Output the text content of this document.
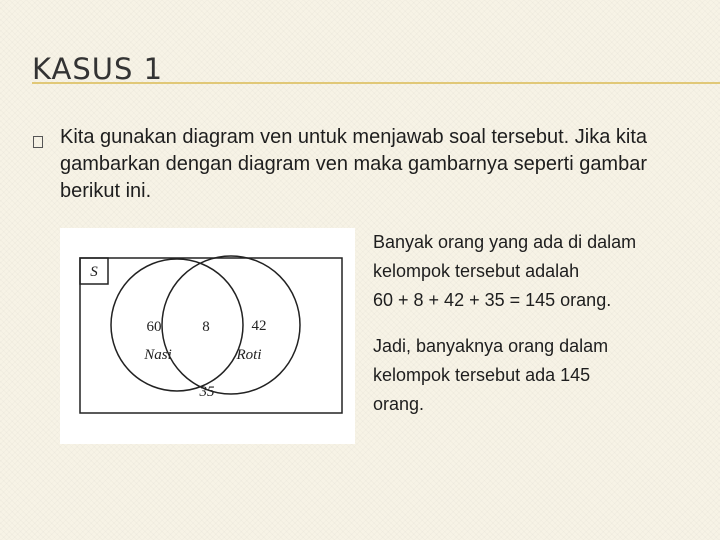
KASUS 1

Kita gunakan diagram ven untuk menjawab soal tersebut. Jika kita gambarkan dengan diagram ven maka gambarnya seperti gambar berikut ini.

S
60	8	42
Nasi	Roti
35

Banyak orang yang ada di dalam
kelompok tersebut adalah
60 + 8 + 42 + 35 = 145 orang.

Jadi, banyaknya orang dalam
kelompok tersebut ada 145
orang.
